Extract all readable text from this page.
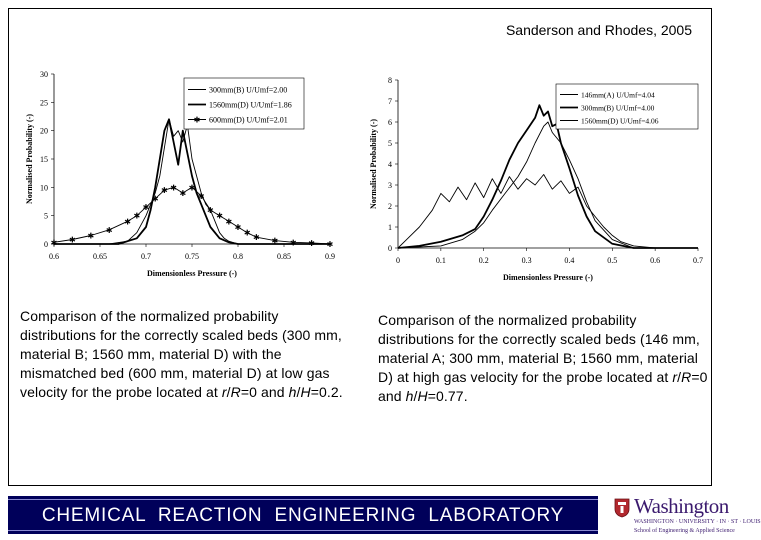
Sanderson and Rhodes, 2005
0
5
10
15
20
25
30
0.6	0.65	0.7	0.75	0.8	0.85	0.9
Dimensionless Pressure (-)
Normalised Probability (-)
✱ ✱ ✱
✱
✱
✱
✱
✱
✱ ✱
✱
✱
✱
✱
✱
✱
✱
✱
✱ ✱ ✱ ✱ ✱
300mm(B) U/Umf=2.00
1560mm(D) U/Umf=1.86
✱ 600mm(D) U/Umf=2.01
0
1
2
3
4
5
6
7
8
0	0.1	0.2	0.3	0.4	0.5	0.6	0.7
Dimensionless Pressure (-)
Normalised Probability (-)
146mm(A) U/Umf=4.04
300mm(B) U/Umf=4.00
1560mm(D) U/Umf=4.06
Comparison of the normalized probability distributions for the correctly scaled beds (300 mm, material B; 1560 mm, material D) with the mismatched bed (600 mm, material D) at low gas velocity for the probe located at r/R=0 and h/H=0.2.
Comparison of the normalized probability distributions for the correctly scaled beds (146 mm, material A; 300 mm, material B; 1560 mm, material D) at high gas velocity for the probe located at r/R=0 and h/H=0.77.
CHEMICAL REACTION ENGINEERING LABORATORY	Washington
WASHINGTON · UNIVERSITY · IN · ST · LOUIS
School of Engineering & Applied Science
